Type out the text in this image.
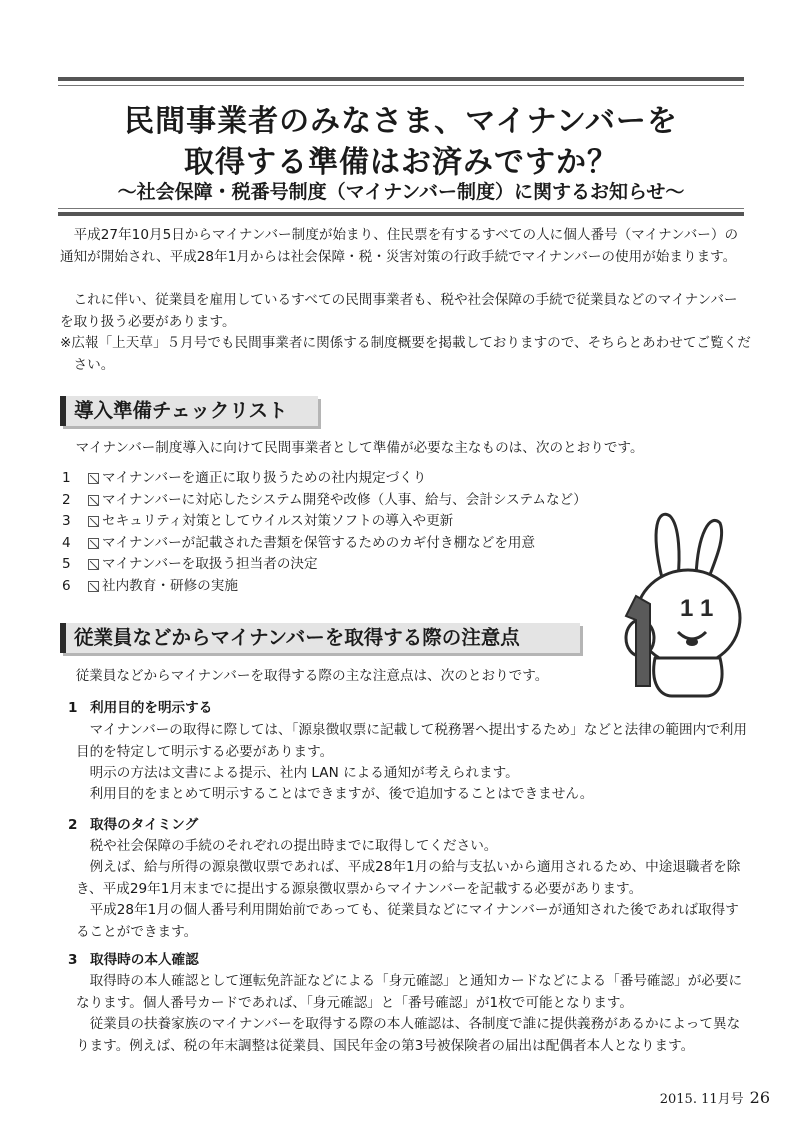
民間事業者のみなさま、マイナンバーを
取得する準備はお済みですか？
〜社会保障・税番号制度（マイナンバー制度）に関するお知らせ〜

平成27年10月5日からマイナンバー制度が始まり、住民票を有するすべての人に個人番号（マイナンバー）の通知が開始され、平成28年1月からは社会保障・税・災害対策の行政手続でマイナンバーの使用が始まります。

これに伴い、従業員を雇用しているすべての民間事業者も、税や社会保障の手続で従業員などのマイナンバーを取り扱う必要があります。

※広報「上天草」５月号でも民間事業者に関係する制度概要を掲載しておりますので、そちらとあわせてご覧ください。

導入準備チェックリスト

マイナンバー制度導入に向けて民間事業者として準備が必要な主なものは、次のとおりです。

1	マイナンバーを適正に取り扱うための社内規定づくり
2	マイナンバーに対応したシステム開発や改修（人事、給与、会計システムなど）
3	セキュリティ対策としてウイルス対策ソフトの導入や更新
4	マイナンバーが記載された書類を保管するためのカギ付き棚などを用意
5	マイナンバーを取扱う担当者の決定
6	社内教育・研修の実施
1 1
従業員などからマイナンバーを取得する際の注意点

従業員などからマイナンバーを取得する際の主な注意点は、次のとおりです。

1 利用目的を明示する

マイナンバーの取得に際しては、「源泉徴収票に記載して税務署へ提出するため」などと法律の範囲内で利用目的を特定して明示する必要があります。

明示の方法は文書による提示、社内 LAN による通知が考えられます。

利用目的をまとめて明示することはできますが、後で追加することはできません。

2 取得のタイミング

税や社会保障の手続のそれぞれの提出時までに取得してください。

例えば、給与所得の源泉徴収票であれば、平成28年1月の給与支払いから適用されるため、中途退職者を除き、平成29年1月末までに提出する源泉徴収票からマイナンバーを記載する必要があります。

平成28年1月の個人番号利用開始前であっても、従業員などにマイナンバーが通知された後であれば取得することができます。

3 取得時の本人確認

取得時の本人確認として運転免許証などによる「身元確認」と通知カードなどによる「番号確認」が必要になります。個人番号カードであれば、「身元確認」と「番号確認」が1枚で可能となります。

従業員の扶養家族のマイナンバーを取得する際の本人確認は、各制度で誰に提供義務があるかによって異なります。例えば、税の年末調整は従業員、国民年金の第3号被保険者の届出は配偶者本人となります。

2015. 11月号 26
